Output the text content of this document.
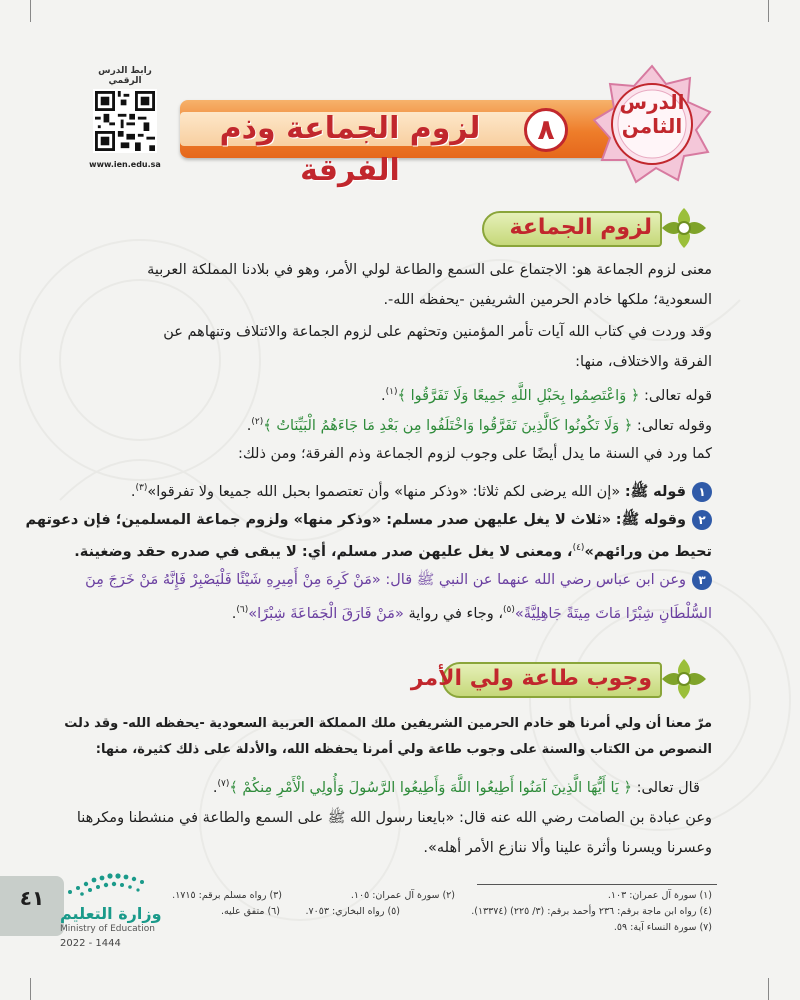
رابط الدرس الرقمي
www.ien.edu.sa
لزوم الجماعة وذم الفرقة
٨
الدرس
الثامن
لزوم الجماعة
معنى لزوم الجماعة هو: الاجتماع على السمع والطاعة لولي الأمر، وهو في بلادنا المملكة العربية
السعودية؛ ملكها خادم الحرمين الشريفين -يحفظه الله-.
وقد وردت في كتاب الله آيات تأمر المؤمنين وتحثهم على لزوم الجماعة والائتلاف وتنهاهم عن
الفرقة والاختلاف، منها:
قوله تعالى: ﴿ وَاعْتَصِمُوا بِحَبْلِ اللَّهِ جَمِيعًا وَلَا تَفَرَّقُوا ﴾$^{(١)}$.
وقوله تعالى: ﴿ وَلَا تَكُونُوا كَالَّذِينَ تَفَرَّقُوا وَاخْتَلَفُوا مِن بَعْدِ مَا جَاءَهُمُ الْبَيِّنَاتُ ﴾$^{(٢)}$.
كما ورد في السنة ما يدل أيضًا على وجوب لزوم الجماعة وذم الفرقة؛ ومن ذلك:
١قوله ﷺ: «إن الله يرضى لكم ثلاثا: «وذكر منها» وأن تعتصموا بحبل الله جميعا ولا تفرقوا»$^{(٣)}$.
٢وقوله ﷺ: «ثلاث لا يغل عليهن صدر مسلم: «وذكر منها» ولزوم جماعة المسلمين؛ فإن دعوتهم
تحيط من ورائهم»$^{(٤)}$، ومعنى لا يغل عليهن صدر مسلم، أي: لا يبقى في صدره حقد وضغينة.
٣وعن ابن عباس رضي الله عنهما عن النبي ﷺ قال: «مَنْ كَرِهَ مِنْ أَمِيرِهِ شَيْئًا فَلْيَصْبِرْ فَإِنَّهُ مَنْ خَرَجَ مِنَ
السُّلْطَانِ شِبْرًا مَاتَ مِيتَةً جَاهِلِيَّةً»$^{(٥)}$، وجاء في رواية «مَنْ فَارَقَ الْجَمَاعَةَ شِبْرًا»$^{(٦)}$.
وجوب طاعة ولي الأمر
مرّ معنا أن ولي أمرنا هو خادم الحرمين الشريفين ملك المملكة العربية السعودية -يحفظه الله- وقد دلت
النصوص من الكتاب والسنة على وجوب طاعة ولي أمرنا يحفظه الله، والأدلة على ذلك كثيرة، منها:
قال تعالى: ﴿ يَا أَيُّهَا الَّذِينَ آمَنُوا أَطِيعُوا اللَّهَ وَأَطِيعُوا الرَّسُولَ وَأُولِي الْأَمْرِ مِنكُمْ ﴾$^{(٧)}$.
وعن عبادة بن الصامت رضي الله عنه قال: «بايعنا رسول الله ﷺ على السمع والطاعة في منشطنا ومكرهنا
وعسرنا ويسرنا وأثرة علينا وألا ننازع الأمر أهله».
(١) سورة آل عمران: ١٠٣.
(٢) سورة آل عمران: ١٠٥.
(٣) رواه مسلم برقم: ١٧١٥.
(٤) رواه ابن ماجة برقم: ٢٣٦ وأحمد برقم: (٣/ ٢٢٥) (١٣٣٧٤).
(٥) رواه البخاري: ٧٠٥٣.
(٦) متفق عليه.
(٧) سورة النساء آية: ٥٩.
٤١
وزارة التعليم
Ministry of Education
2022 - 1444
